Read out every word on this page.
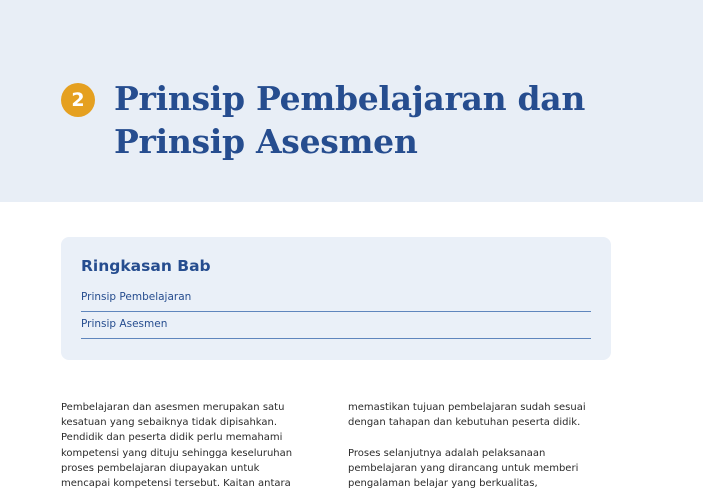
2 Prinsip Pembelajaran dan
Prinsip Asesmen
Ringkasan Bab
Prinsip Pembelajaran
Prinsip Asesmen

Pembelajaran dan asesmen merupakan satu
kesatuan yang sebaiknya tidak dipisahkan.
Pendidik dan peserta didik perlu memahami
kompetensi yang dituju sehingga keseluruhan
proses pembelajaran diupayakan untuk
mencapai kompetensi tersebut. Kaitan antara

memastikan tujuan pembelajaran sudah sesuai
dengan tahapan dan kebutuhan peserta didik.

Proses selanjutnya adalah pelaksanaan
pembelajaran yang dirancang untuk memberi
pengalaman belajar yang berkualitas,
